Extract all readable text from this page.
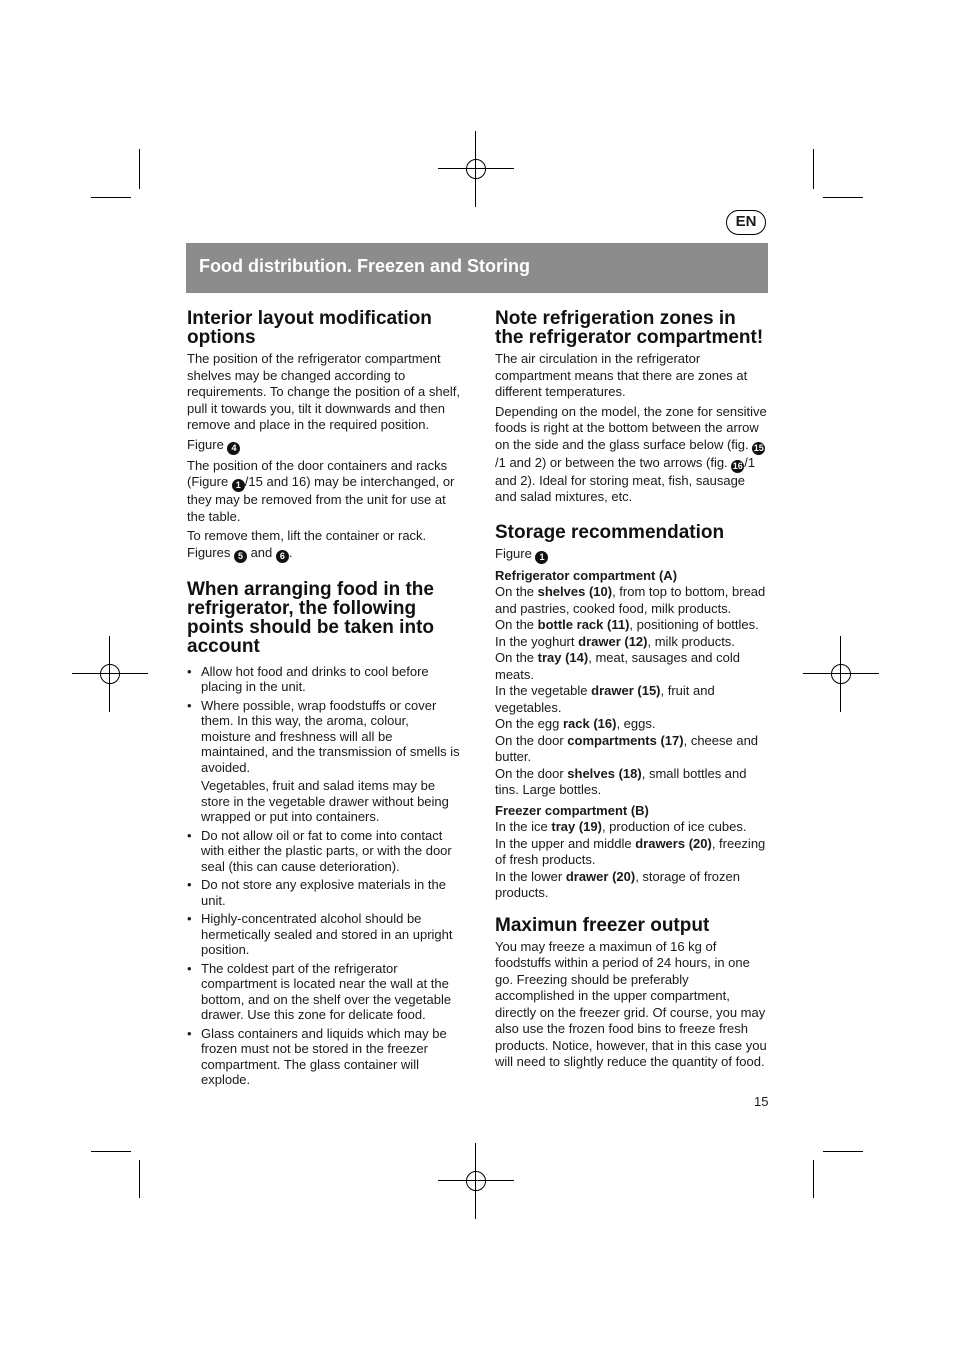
EN
Food distribution. Freezen and Storing
Interior layout modification options

The position of the refrigerator compartment shelves may be changed according to requirements. To change the position of a shelf, pull it towards you, tilt it downwards and then remove and place in the required position.

Figure 4

The position of the door containers and racks (Figure 1 /15 and 16) may be interchanged, or they may be removed from the unit for use at the table.

To remove them, lift the container or rack. Figures 5 and 6 .

When arranging food in the refrigerator, the following points should be taken into account
• Allow hot food and drinks to cool before placing in the unit.
• Where possible, wrap foodstuffs or cover them. In this way, the aroma, colour, moisture and freshness will all be maintained, and the transmission of smells is avoided.

Vegetables, fruit and salad items may be store in the vegetable drawer without being wrapped or put into containers.

• Do not allow oil or fat to come into contact with either the plastic parts, or with the door seal (this can cause deterioration).
• Do not store any explosive materials in the unit.
• Highly-concentrated alcohol should be hermetically sealed and stored in an upright position.
• The coldest part of the refrigerator compartment is located near the wall at the bottom, and on the shelf over the vegetable drawer. Use this zone for delicate food.
• Glass containers and liquids which may be frozen must not be stored in the freezer compartment. The glass container will explode.
Note refrigeration zones in the refrigerator compartment!

The air circulation in the refrigerator compartment means that there are zones at different temperatures.

Depending on the model, the zone for sensitive foods is right at the bottom between the arrow on the side and the glass surface below (fig. 15/1 and 2) or between the two arrows (fig. 16 /1 and 2). Ideal for storing meat, fish, sausage and salad mixtures, etc.

Storage recommendation

Figure 1

Refrigerator compartment (A)

On the shelves (10), from top to bottom, bread and pastries, cooked food, milk products.

On the bottle rack (11), positioning of bottles.

In the yoghurt drawer (12), milk products.

On the tray (14), meat, sausages and cold meats.

In the vegetable drawer (15), fruit and vegetables.

On the egg rack (16), eggs.

On the door compartments (17), cheese and butter.

On the door shelves (18), small bottles and tins. Large bottles.

Freezer compartment (B)

In the ice tray (19), production of ice cubes.

In the upper and middle drawers (20), freezing of fresh products.

In the lower drawer (20), storage of frozen products.

Maximun freezer output

You may freeze a maximun of 16 kg of foodstuffs within a period of 24 hours, in one go. Freezing should be preferably accomplished in the upper compartment, directly on the freezer grid. Of course, you may also use the frozen food bins to freeze fresh products. Notice, however, that in this case you will need to slightly reduce the quantity of food.

15
